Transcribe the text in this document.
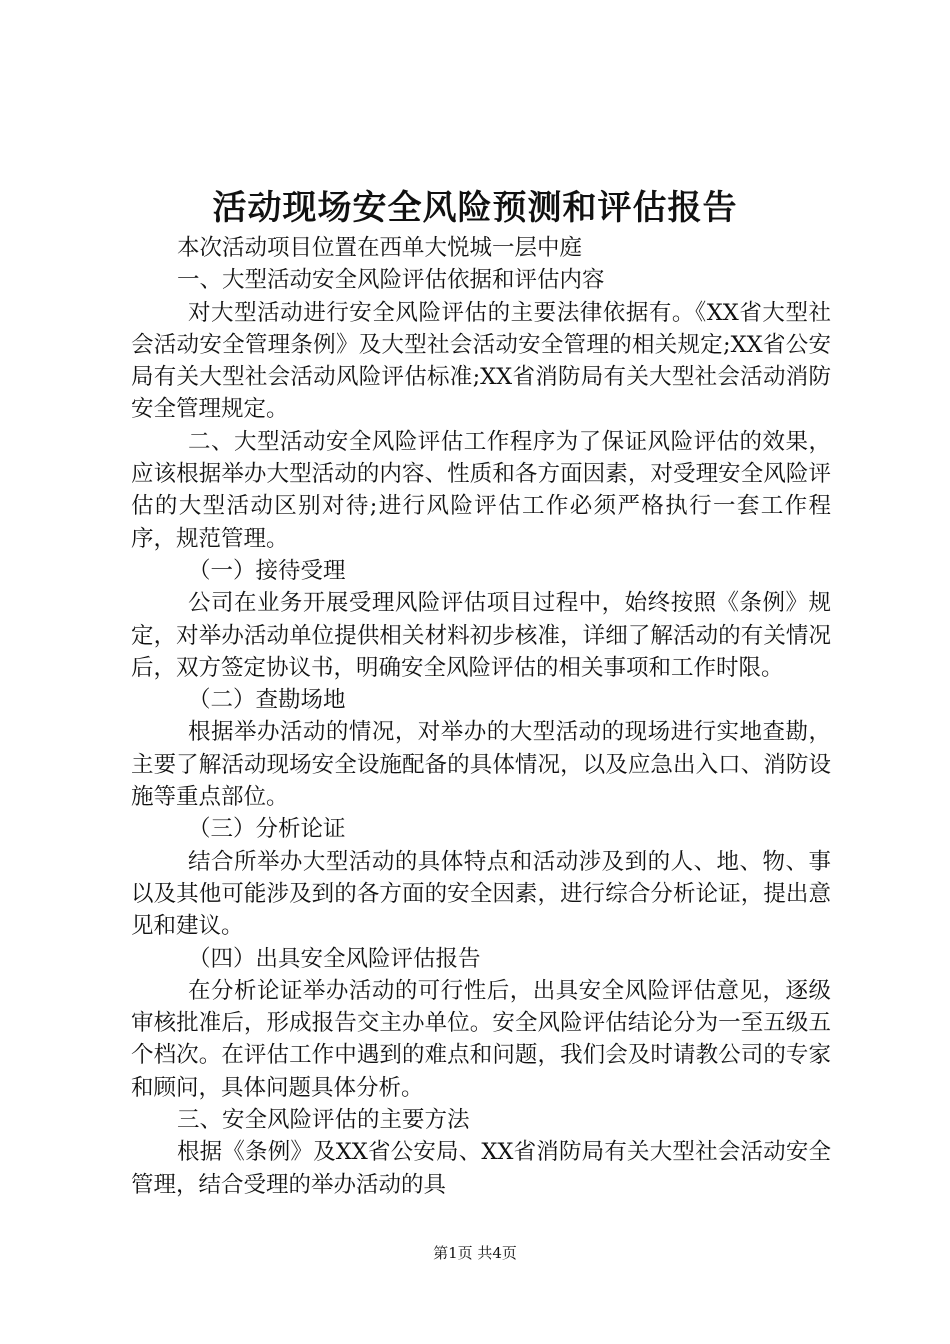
活动现场安全风险预测和评估报告

本次活动项目位置在西单大悦城一层中庭

一、大型活动安全风险评估依据和评估内容

对大型活动进行安全风险评估的主要法律依据有。《XX省大型社会活动安全管理条例》及大型社会活动安全管理的相关规定;XX省公安局有关大型社会活动风险评估标准;XX省消防局有关大型社会活动消防安全管理规定。

二、大型活动安全风险评估工作程序为了保证风险评估的效果，应该根据举办大型活动的内容、性质和各方面因素，对受理安全风险评估的大型活动区别对待;进行风险评估工作必须严格执行一套工作程序，规范管理。

（一）接待受理

公司在业务开展受理风险评估项目过程中，始终按照《条例》规定，对举办活动单位提供相关材料初步核准，详细了解活动的有关情况后，双方签定协议书，明确安全风险评估的相关事项和工作时限。

（二）查勘场地

根据举办活动的情况，对举办的大型活动的现场进行实地查勘，主要了解活动现场安全设施配备的具体情况，以及应急出入口、消防设施等重点部位。

（三）分析论证

结合所举办大型活动的具体特点和活动涉及到的人、地、物、事以及其他可能涉及到的各方面的安全因素，进行综合分析论证，提出意见和建议。

（四）出具安全风险评估报告

在分析论证举办活动的可行性后，出具安全风险评估意见，逐级审核批准后，形成报告交主办单位。安全风险评估结论分为一至五级五个档次。在评估工作中遇到的难点和问题，我们会及时请教公司的专家和顾问，具体问题具体分析。

三、安全风险评估的主要方法

根据《条例》及XX省公安局、XX省消防局有关大型社会活动安全管理，结合受理的举办活动的具

第1页 共4页
